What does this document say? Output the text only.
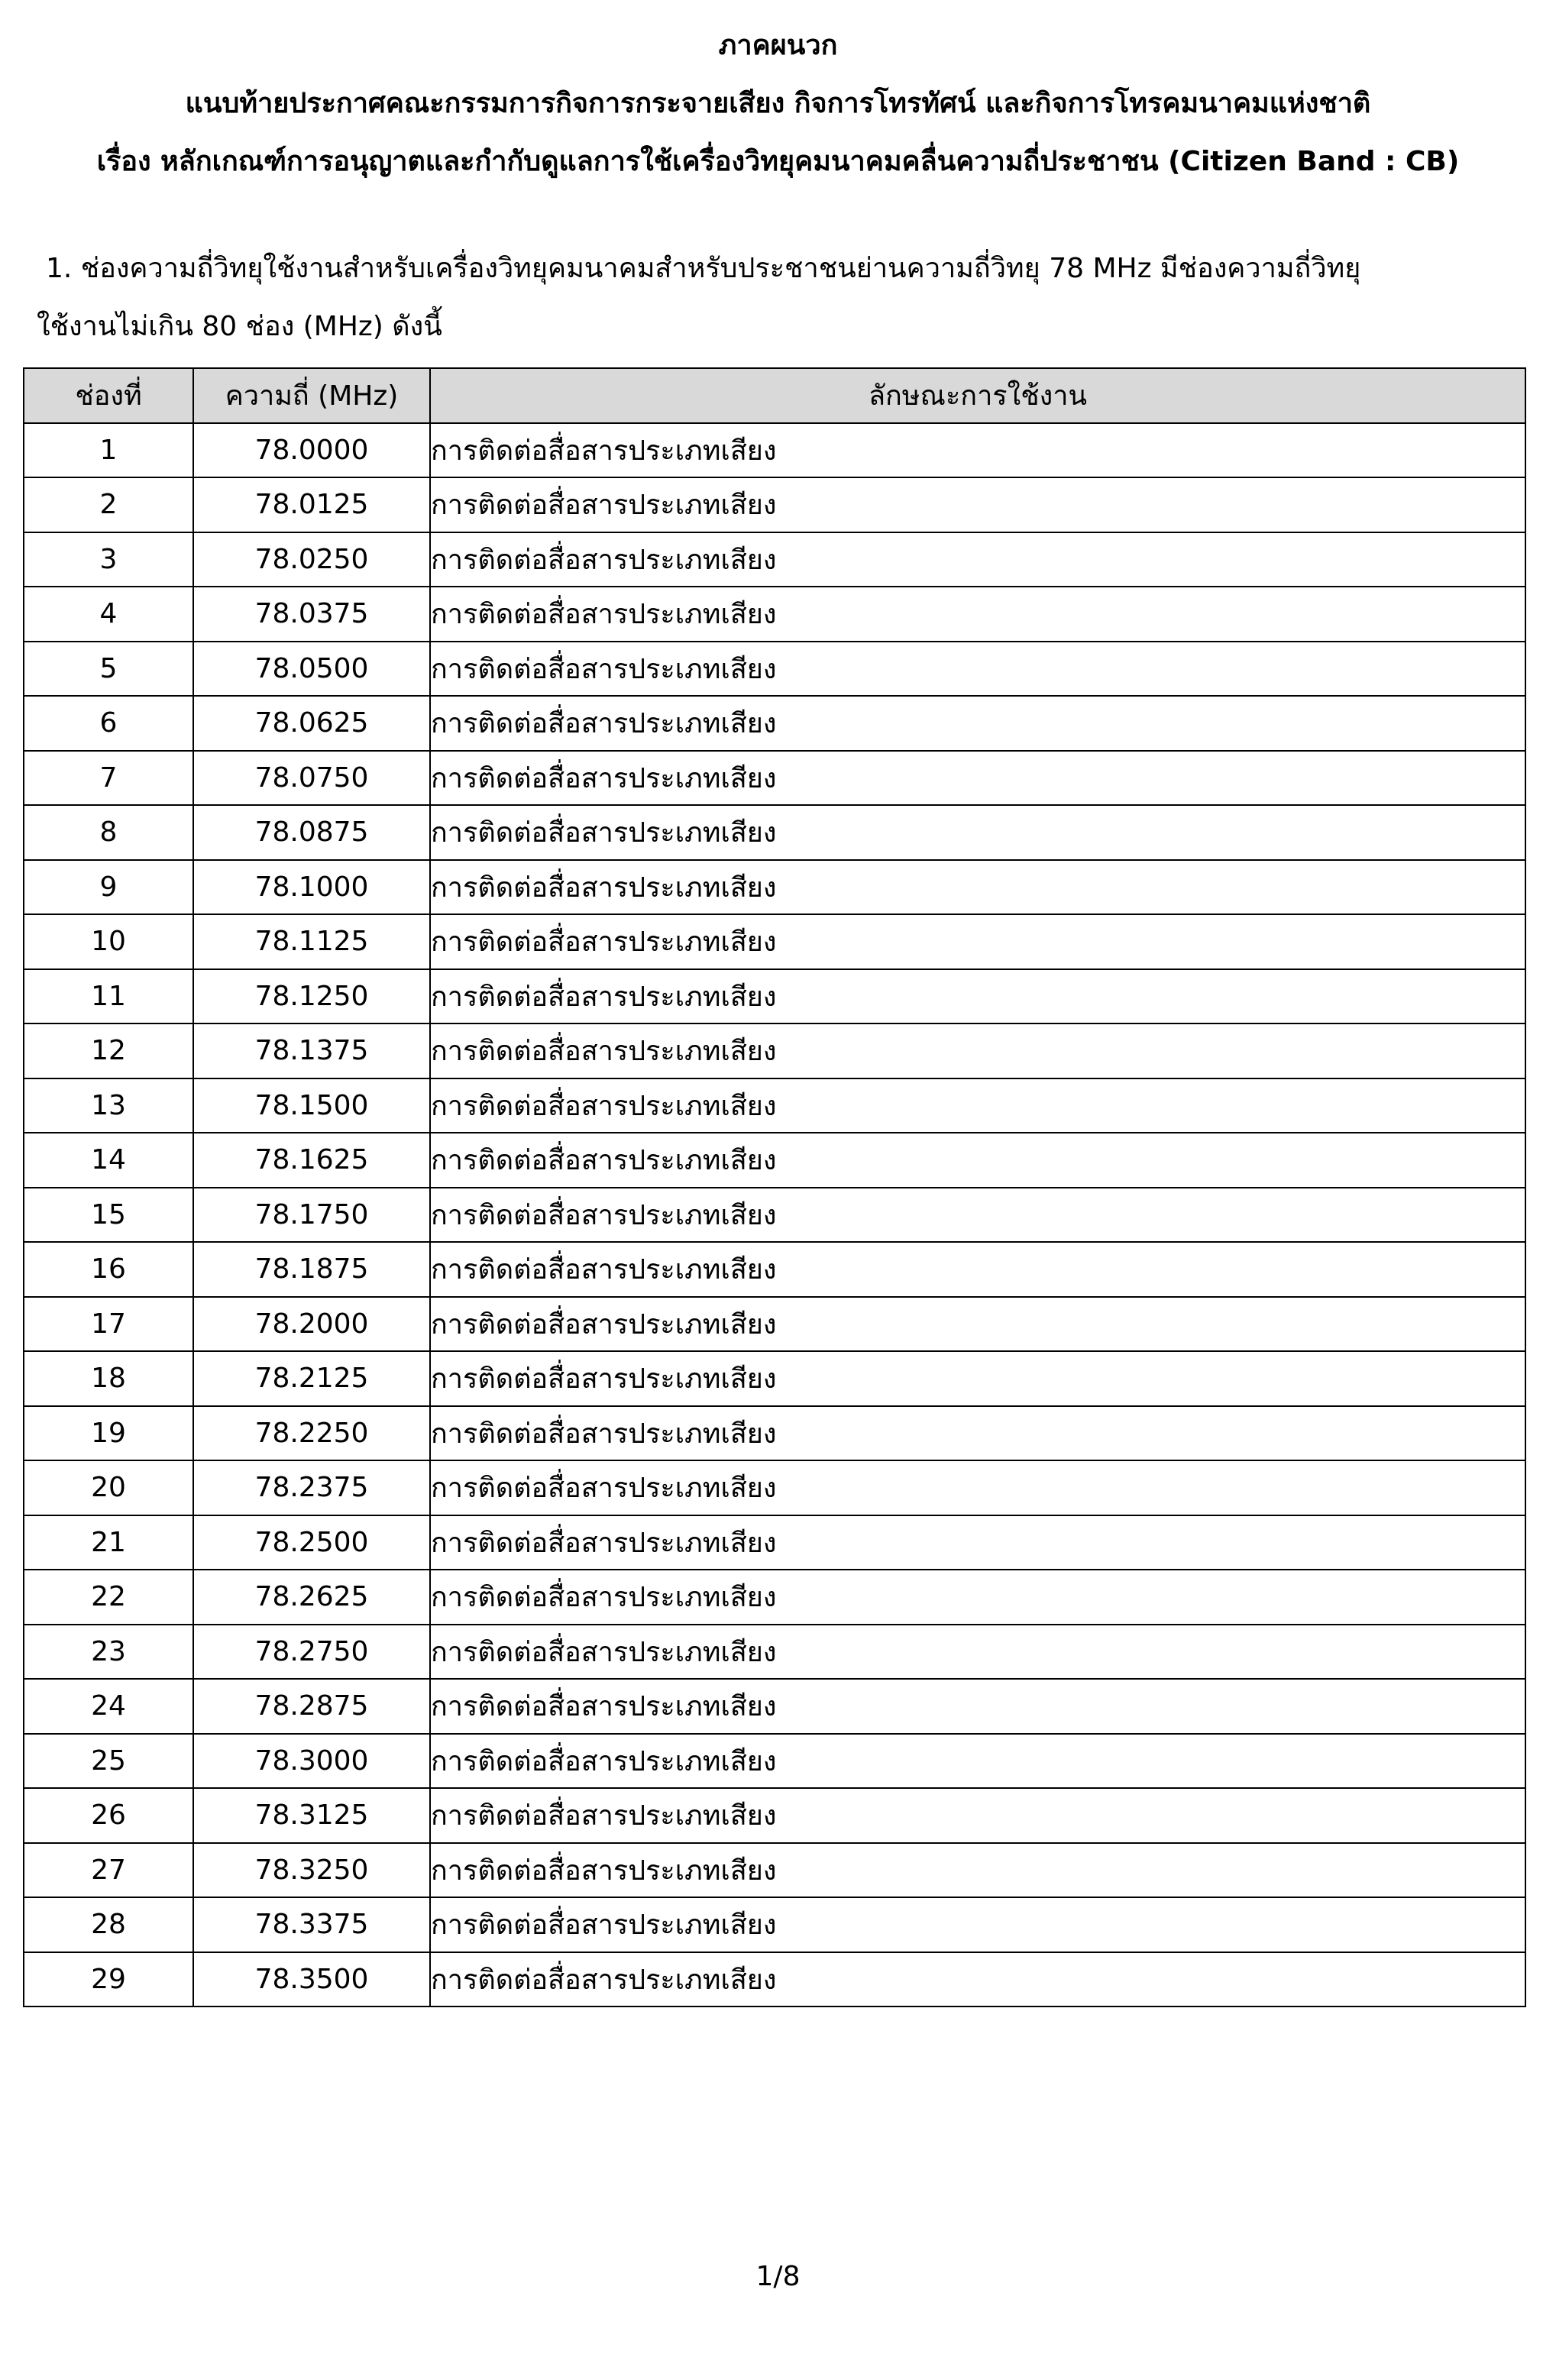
ภาคผนวก
แนบท้ายประกาศคณะกรรมการกิจการกระจายเสียง กิจการโทรทัศน์ และกิจการโทรคมนาคมแห่งชาติ
เรื่อง หลักเกณฑ์การอนุญาตและกำกับดูแลการใช้เครื่องวิทยุคมนาคมคลื่นความถี่ประชาชน (Citizen Band : CB)
1. ช่องความถี่วิทยุใช้งานสำหรับเครื่องวิทยุคมนาคมสำหรับประชาชนย่านความถี่วิทยุ 78 MHz มีช่องความถี่วิทยุ
ใช้งานไม่เกิน 80 ช่อง (MHz) ดังนี้
ช่องที่	ความถี่ (MHz)	ลักษณะการใช้งาน
1	78.0000	การติดต่อสื่อสารประเภทเสียง
2	78.0125	การติดต่อสื่อสารประเภทเสียง
3	78.0250	การติดต่อสื่อสารประเภทเสียง
4	78.0375	การติดต่อสื่อสารประเภทเสียง
5	78.0500	การติดต่อสื่อสารประเภทเสียง
6	78.0625	การติดต่อสื่อสารประเภทเสียง
7	78.0750	การติดต่อสื่อสารประเภทเสียง
8	78.0875	การติดต่อสื่อสารประเภทเสียง
9	78.1000	การติดต่อสื่อสารประเภทเสียง
10	78.1125	การติดต่อสื่อสารประเภทเสียง
11	78.1250	การติดต่อสื่อสารประเภทเสียง
12	78.1375	การติดต่อสื่อสารประเภทเสียง
13	78.1500	การติดต่อสื่อสารประเภทเสียง
14	78.1625	การติดต่อสื่อสารประเภทเสียง
15	78.1750	การติดต่อสื่อสารประเภทเสียง
16	78.1875	การติดต่อสื่อสารประเภทเสียง
17	78.2000	การติดต่อสื่อสารประเภทเสียง
18	78.2125	การติดต่อสื่อสารประเภทเสียง
19	78.2250	การติดต่อสื่อสารประเภทเสียง
20	78.2375	การติดต่อสื่อสารประเภทเสียง
21	78.2500	การติดต่อสื่อสารประเภทเสียง
22	78.2625	การติดต่อสื่อสารประเภทเสียง
23	78.2750	การติดต่อสื่อสารประเภทเสียง
24	78.2875	การติดต่อสื่อสารประเภทเสียง
25	78.3000	การติดต่อสื่อสารประเภทเสียง
26	78.3125	การติดต่อสื่อสารประเภทเสียง
27	78.3250	การติดต่อสื่อสารประเภทเสียง
28	78.3375	การติดต่อสื่อสารประเภทเสียง
29	78.3500	การติดต่อสื่อสารประเภทเสียง
1/8
